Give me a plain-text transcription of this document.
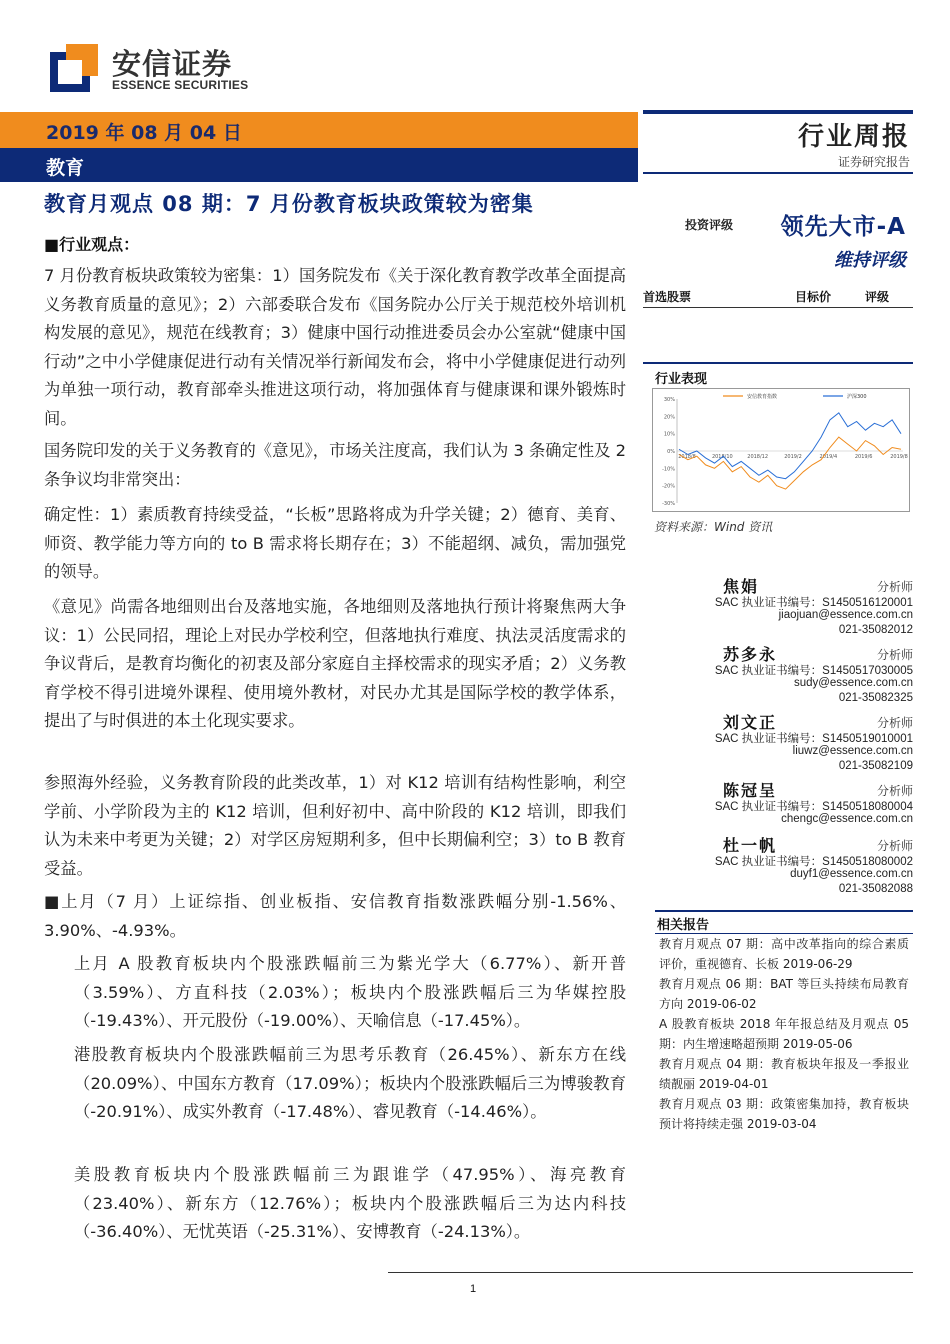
安信证券
ESSENCE SECURITIES
2019 年 08 月 04 日
教育
行业周报
证券研究报告
投资评级 领先大市-A
维持评级
首选股票	目标价	评级
行业表现
安信教育指数	沪深300
30%
20%
10%
0%
-10%
-20%
-30%
2018/8	2018/10	2018/12	2019/2	2019/4	2019/6	2019/8
资料来源：Wind 资讯
焦娟	分析师
SAC 执业证书编号：S1450516120001
jiaojuan@essence.com.cn
021-35082012
苏多永	分析师
SAC 执业证书编号：S1450517030005
sudy@essence.com.cn
021-35082325
刘文正	分析师
SAC 执业证书编号：S1450519010001
liuwz@essence.com.cn
021-35082109
陈冠呈	分析师
SAC 执业证书编号：S1450518080004
chengc@essence.com.cn
杜一帆	分析师
SAC 执业证书编号：S1450518080002
duyf1@essence.com.cn
021-35082088
相关报告

教育月观点 07 期：高中改革指向的综合素质评价，重视德育、长板 2019-06-29

教育月观点 06 期：BAT 等巨头持续布局教育方向 2019-06-02

A 股教育板块 2018 年年报总结及月观点 05 期：内生增速略超预期 2019-05-06

教育月观点 04 期：教育板块年报及一季报业绩靓丽 2019-04-01

教育月观点 03 期：政策密集加持，教育板块预计将持续走强 2019-03-04

教育月观点 08 期：7 月份教育板块政策较为密集
■行业观点：
7 月份教育板块政策较为密集：1）国务院发布《关于深化教育教学改革全面提高义务教育质量的意见》；2）六部委联合发布《国务院办公厅关于规范校外培训机构发展的意见》，规范在线教育；3）健康中国行动推进委员会办公室就“健康中国行动”之中小学健康促进行动有关情况举行新闻发布会，将中小学健康促进行动列为单独一项行动，教育部牵头推进这项行动，将加强体育与健康课和课外锻炼时间。
国务院印发的关于义务教育的《意见》，市场关注度高，我们认为 3 条确定性及 2 条争议均非常突出：
确定性：1）素质教育持续受益，“长板”思路将成为升学关键；2）德育、美育、师资、教学能力等方向的 to B 需求将长期存在；3）不能超纲、减负，需加强党的领导。
《意见》尚需各地细则出台及落地实施，各地细则及落地执行预计将聚焦两大争议：1）公民同招，理论上对民办学校利空，但落地执行难度、执法灵活度需求的争议背后，是教育均衡化的初衷及部分家庭自主择校需求的现实矛盾；2）义务教育学校不得引进境外课程、使用境外教材，对民办尤其是国际学校的教学体系，提出了与时俱进的本土化现实要求。
参照海外经验，义务教育阶段的此类改革，1）对 K12 培训有结构性影响，利空学前、小学阶段为主的 K12 培训，但利好初中、高中阶段的 K12 培训，即我们认为未来中考更为关键；2）对学区房短期利多，但中长期偏利空；3）to B 教育受益。
■上月（7 月）上证综指、创业板指、安信教育指数涨跌幅分别-1.56%、3.90%、-4.93%。
上月 A 股教育板块内个股涨跌幅前三为紫光学大（6.77%）、新开普（3.59%）、方直科技（2.03%）；板块内个股涨跌幅后三为华媒控股（-19.43%）、开元股份（-19.00%）、天喻信息（-17.45%）。
港股教育板块内个股涨跌幅前三为思考乐教育（26.45%）、新东方在线（20.09%）、中国东方教育（17.09%）；板块内个股涨跌幅后三为博骏教育（-20.91%）、成实外教育（-17.48%）、睿见教育（-14.46%）。
美股教育板块内个股涨跌幅前三为跟谁学（47.95%）、海亮教育（23.40%）、新东方（12.76%）；板块内个股涨跌幅后三为达内科技（-36.40%）、无忧英语（-25.31%）、安博教育（-24.13%）。
1
